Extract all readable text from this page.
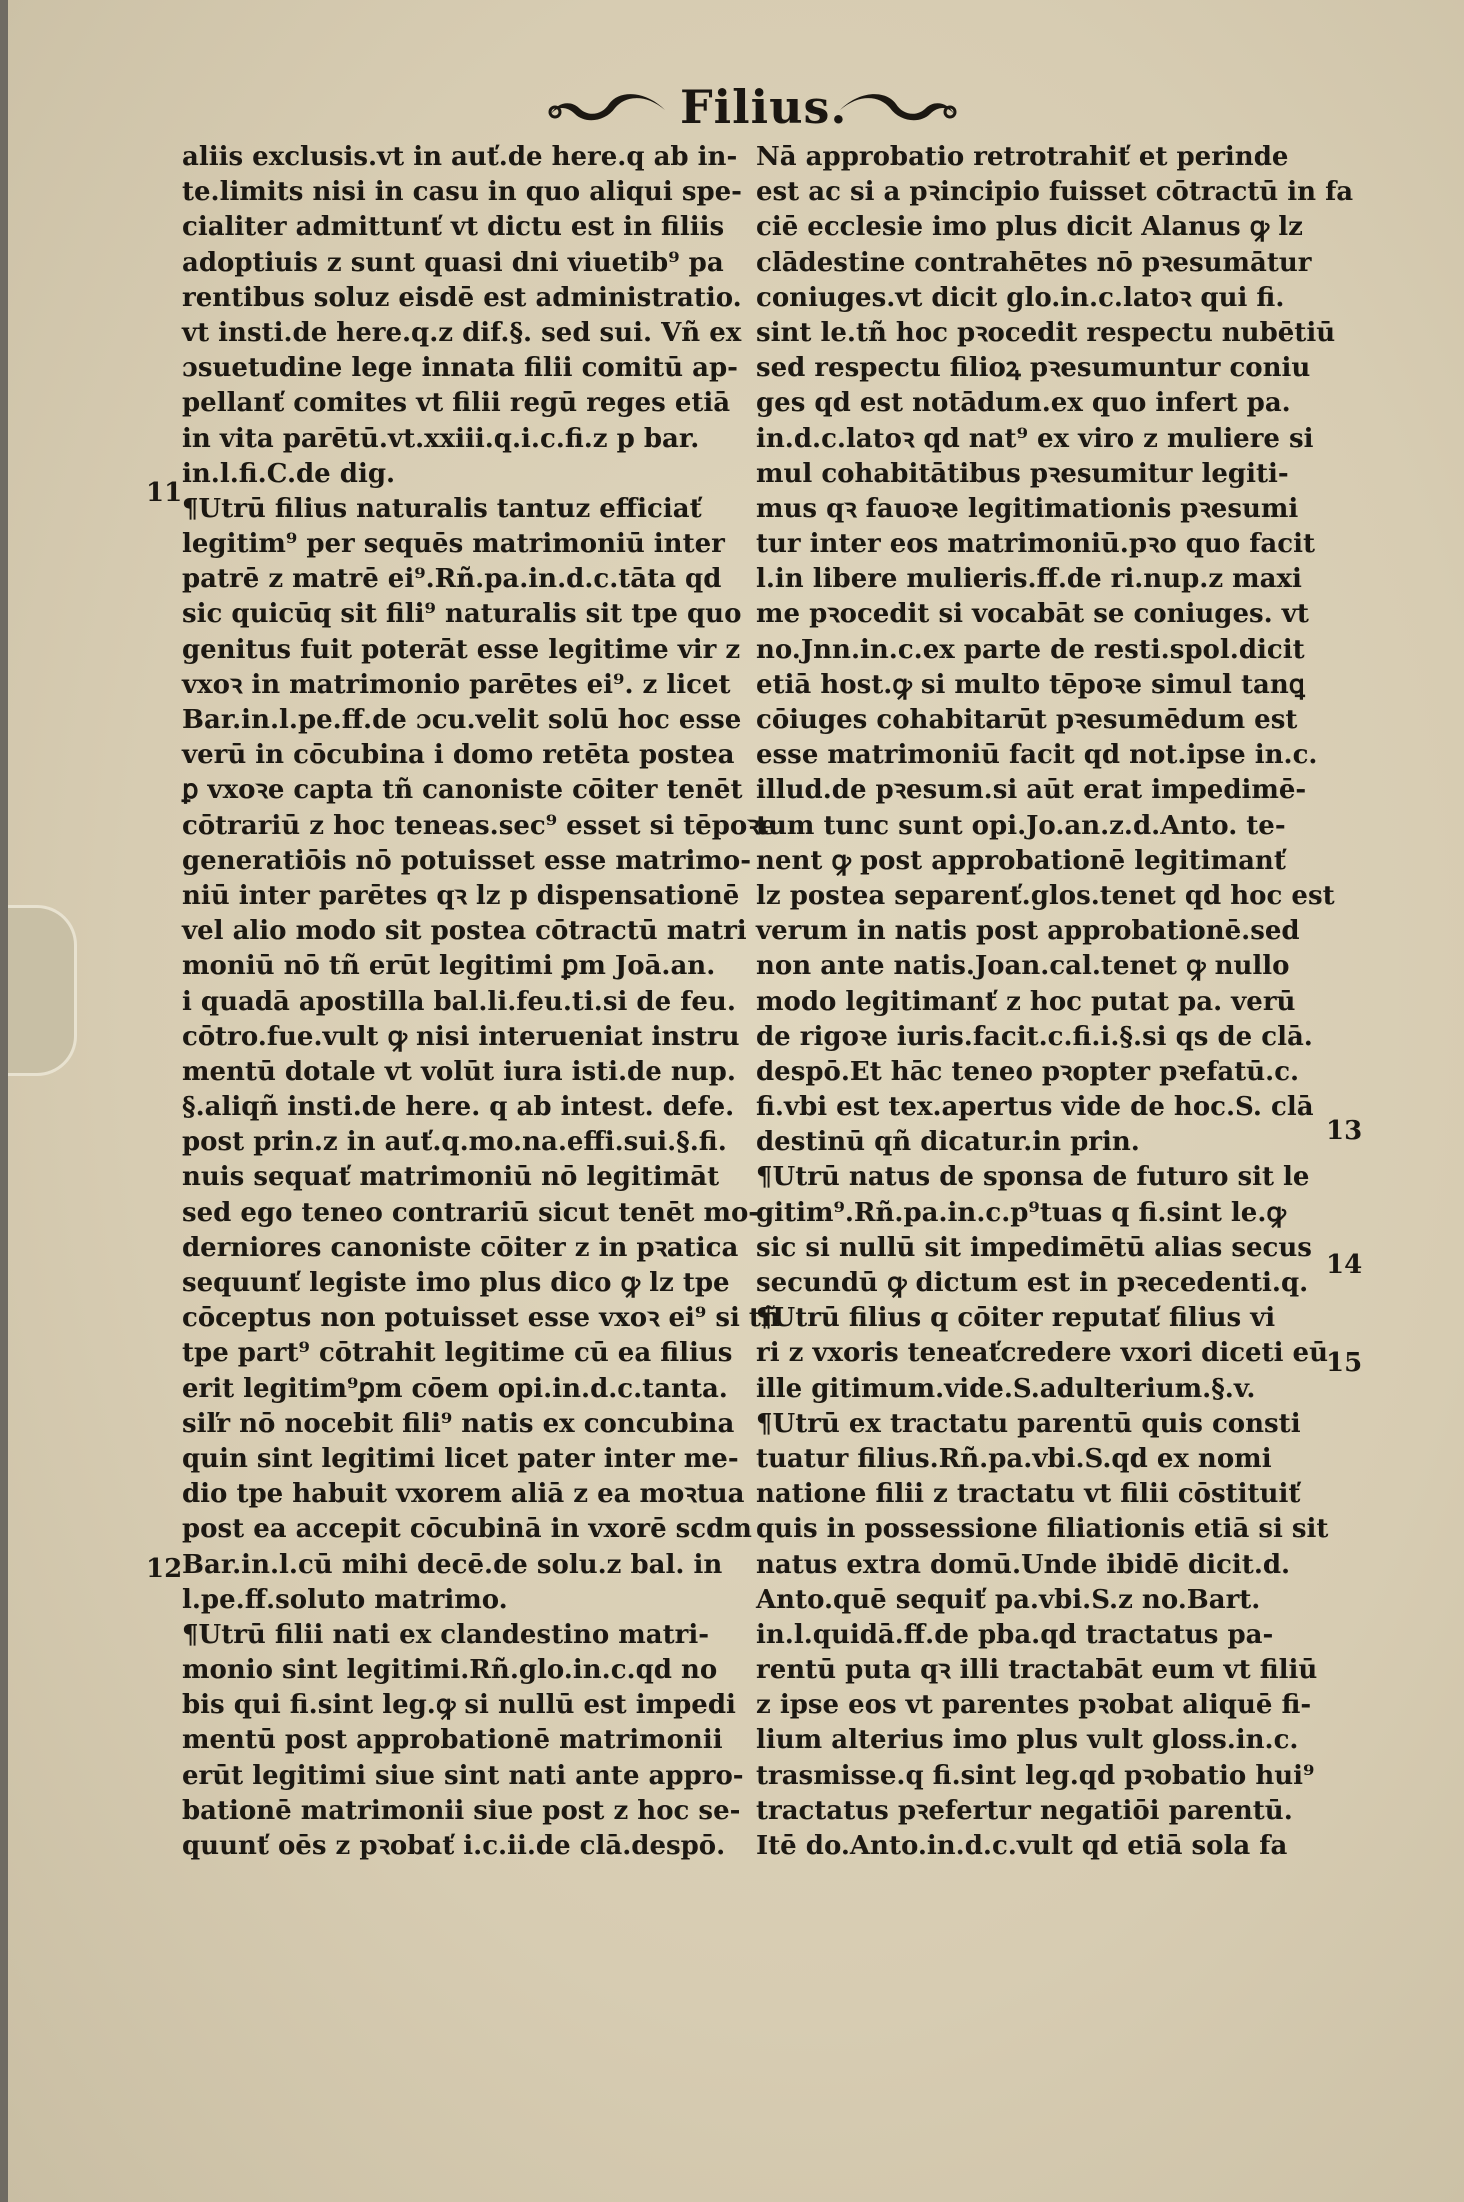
Filius.
11
12
13
14
15
aliis exclusis.vt in auť.de here.q ab in-
te.limits nisi in casu in quo aliqui spe-
cialiter admittunť vt dictu est in filiis
adoptiuis z sunt quasi dni viuetib⁹ pa
rentibus soluz eisdē est administratio.
vt insti.de here.q.z dif.§. sed sui. Vñ ex
ɔsuetudine lege innata filii comitū ap-
pellanť comites vt filii regū reges etiā
in vita parētū.vt.xxiii.q.i.c.fi.z p bar.
in.l.fi.C.de dig.
¶Utrū filius naturalis tantuz efficiať
legitim⁹ per sequēs matrimoniū inter
patrē z matrē ei⁹.Rñ.pa.in.d.c.tāta qd
sic quicūq sit fili⁹ naturalis sit tpe quo
genitus fuit poterāt esse legitime vir z
vxoꝛ in matrimonio parētes ei⁹. z licet
Bar.in.l.pe.ff.de ɔcu.velit solū hoc esse
verū in cōcubina i domo retēta postea
ꝑ vxoꝛe capta tñ canoniste cōiter tenēt
cōtrariū z hoc teneas.sec⁹ esset si tēpoꝛe
generatiōis nō potuisset esse matrimo-
niū inter parētes qꝛ lz p dispensationē
vel alio modo sit postea cōtractū matri
moniū nō tñ erūt legitimi ꝑm Joā.an.
i quadā apostilla bal.li.feu.ti.si de feu.
cōtro.fue.vult ꝙ nisi interueniat instru
mentū dotale vt volūt iura isti.de nup.
§.aliqñ insti.de here. q ab intest. defe.
post prin.z in auť.q.mo.na.effi.sui.§.fi.
nuis sequať matrimoniū nō legitimāt
sed ego teneo contrariū sicut tenēt mo-
derniores canoniste cōiter z in pꝛatica
sequunť legiste imo plus dico ꝙ lz tpe
cōceptus non potuisset esse vxoꝛ ei⁹ si tñ
tpe part⁹ cōtrahit legitime cū ea filius
erit legitim⁹ꝑm cōem opi.in.d.c.tanta.
siľr nō nocebit fili⁹ natis ex concubina
quin sint legitimi licet pater inter me-
dio tpe habuit vxorem aliā z ea moꝛtua
post ea accepit cōcubinā in vxorē scdm
Bar.in.l.cū mihi decē.de solu.z bal. in
l.pe.ff.soluto matrimo.
¶Utrū filii nati ex clandestino matri-
monio sint legitimi.Rñ.glo.in.c.qd no
bis qui fi.sint leg.ꝙ si nullū est impedi
mentū post approbationē matrimonii
erūt legitimi siue sint nati ante appro-
bationē matrimonii siue post z hoc se-
quunť oēs z pꝛobať i.c.ii.de clā.despō.
Nā approbatio retrotrahiť et perinde
est ac si a pꝛincipio fuisset cōtractū in fa
ciē ecclesie imo plus dicit Alanus ꝙ lz
clādestine contrahētes nō pꝛesumātur
coniuges.vt dicit glo.in.c.latoꝛ qui fi.
sint le.tñ hoc pꝛocedit respectu nubētiū
sed respectu filioꝝ pꝛesumuntur coniu
ges qd est notādum.ex quo infert pa.
in.d.c.latoꝛ qd nat⁹ ex viro z muliere si
mul cohabitātibus pꝛesumitur legiti-
mus qꝛ fauoꝛe legitimationis pꝛesumi
tur inter eos matrimoniū.pꝛo quo facit
l.in libere mulieris.ff.de ri.nup.z maxi
me pꝛocedit si vocabāt se coniuges. vt
no.Jnn.in.c.ex parte de resti.spol.dicit
etiā host.ꝙ si multo tēpoꝛe simul tanꝗ
cōiuges cohabitarūt pꝛesumēdum est
esse matrimoniū facit qd not.ipse in.c.
illud.de pꝛesum.si aūt erat impedimē-
tum tunc sunt opi.Jo.an.z.d.Anto. te-
nent ꝙ post approbationē legitimanť
lz postea separenť.glos.tenet qd hoc est
verum in natis post approbationē.sed
non ante natis.Joan.cal.tenet ꝙ nullo
modo legitimanť z hoc putat pa. verū
de rigoꝛe iuris.facit.c.fi.i.§.si qs de clā.
despō.Et hāc teneo pꝛopter pꝛefatū.c.
fi.vbi est tex.apertus vide de hoc.S. clā
destinū qñ dicatur.in prin.
¶Utrū natus de sponsa de futuro sit le
gitim⁹.Rñ.pa.in.c.p⁹tuas q fi.sint le.ꝙ
sic si nullū sit impedimētū alias secus
secundū ꝙ dictum est in pꝛecedenti.q.
¶Utrū filius q cōiter reputať filius vi
ri z vxoris teneaťcredere vxori diceti eū
ille gitimum.vide.S.adulterium.§.v.
¶Utrū ex tractatu parentū quis consti
tuatur filius.Rñ.pa.vbi.S.qd ex nomi
natione filii z tractatu vt filii cōstituiť
quis in possessione filiationis etiā si sit
natus extra domū.Unde ibidē dicit.d.
Anto.quē sequiť pa.vbi.S.z no.Bart.
in.l.quidā.ff.de pba.qd tractatus pa-
rentū puta qꝛ illi tractabāt eum vt filiū
z ipse eos vt parentes pꝛobat aliquē fi-
lium alterius imo plus vult gloss.in.c.
trasmisse.q fi.sint leg.qd pꝛobatio hui⁹
tractatus pꝛefertur negatiōi parentū.
Itē do.Anto.in.d.c.vult qd etiā sola fa
